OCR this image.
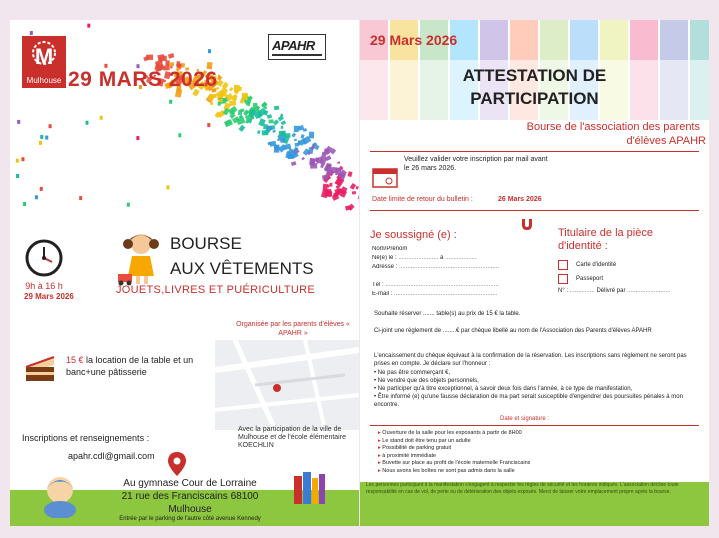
M
Mulhouse 29 MARS 2026
APAHR
9h à 16 h
29 Mars 2026
BOURSE
AUX VÊTEMENTS
JOUETS,LIVRES ET PUÉRICULTURE
Organisée par les parents d'élèves « APAHR »
Avec la participation de la ville de Mulhouse et de l'école élémentaire KOECHLIN
15 € la location de la table et un banc+une pâtisserie
Inscriptions et renseignements :
apahr.cdl@gmail.com
Au gymnase Cour de Lorraine
21 rue des Franciscains 68100
Mulhouse
Entrée par le parking de l'autre côté avenue Kennedy
29 Mars 2026
ATTESTATION DE
PARTICIPATION
Bourse de l'association des parents
d'élèves APAHR
Veuillez valider votre inscription par mail avant
le 26 mars 2026.
Date limite de retour du bulletin :	26 Mars 2026
Je soussigné (e) :
Nom/Prénom
Né(e) le : ........................ à ...................
Adresse : ............................................................
Tél : ....................................................................
E-mail : ..............................................................
Titulaire de la pièce
d'identité :
Carte d'identité
Passeport
N° : ............... Délivré par ..........................
Souhaite réserver ....... table(s) au prix de 15 € la table.
Ci-joint une règlement de ........€ par chèque libellé au nom de l'Association des Parents d'élèves APAHR
L'encaissement du chèque équivaut à la confirmation de la réservation. Les inscriptions sans règlement ne seront pas prises en compte. Je déclare sur l'honneur :
• Ne pas être commerçant €,
• Ne vendre que des objets personnels,
• Ne participer qu'à titre exceptionnel, à savoir deux fois dans l'année, à ce type de manifestation,
• Être informé (e) qu'une fausse déclaration de ma part serait susceptible d'engendrer des poursuites pénales à mon encontre.
Date et signature :
▸ Ouverture de la salle pour les exposants à partir de 8H00
▸ Le stand doit être tenu par un adulte
▸ Possibilité de parking gratuit
▸ à proximité immédiate
▸ Buvette sur place au profit de l'école maternelle Franciscains
▸ Nous avons les boîtes ne sont pas admis dans la salle
Les personnes participant à la manifestation s'engagent à respecter les règles de sécurité et les horaires indiqués. L'association décline toute responsabilité en cas de vol, de perte ou de détérioration des objets exposés. Merci de laisser votre emplacement propre après la bourse.
